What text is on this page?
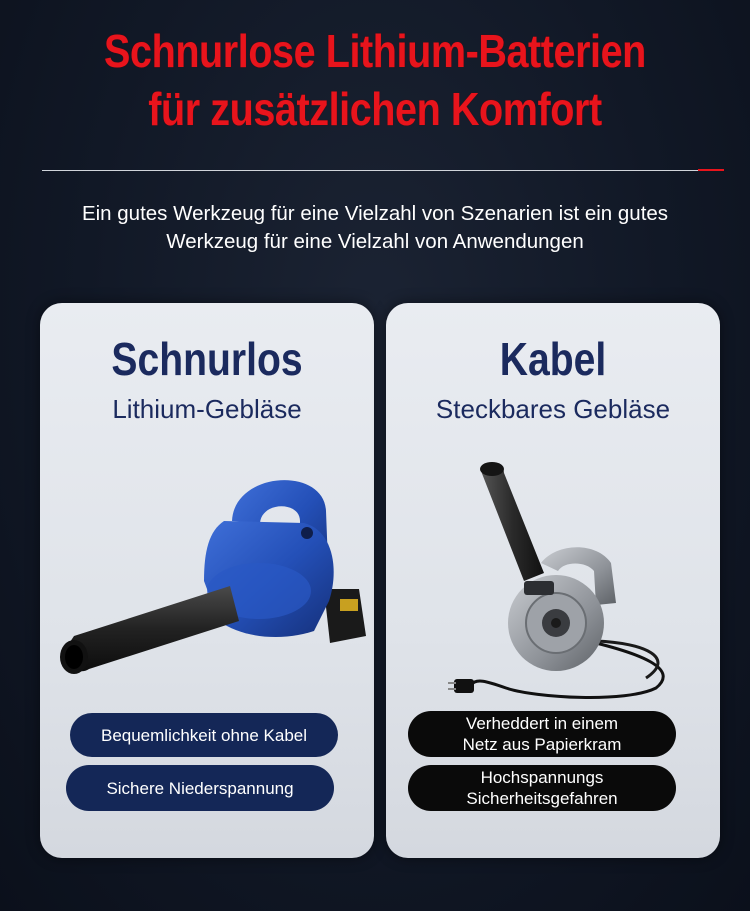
Schnurlose Lithium-Batterien
für zusätzlichen Komfort
Ein gutes Werkzeug für eine Vielzahl von Szenarien ist ein gutes
Werkzeug für eine Vielzahl von Anwendungen
Schnurlos
Lithium-Gebläse
Bequemlichkeit ohne Kabel
Sichere Niederspannung
Kabel
Steckbares Gebläse
Verheddert in einem
Netz aus Papierkram
Hochspannungs
Sicherheitsgefahren
